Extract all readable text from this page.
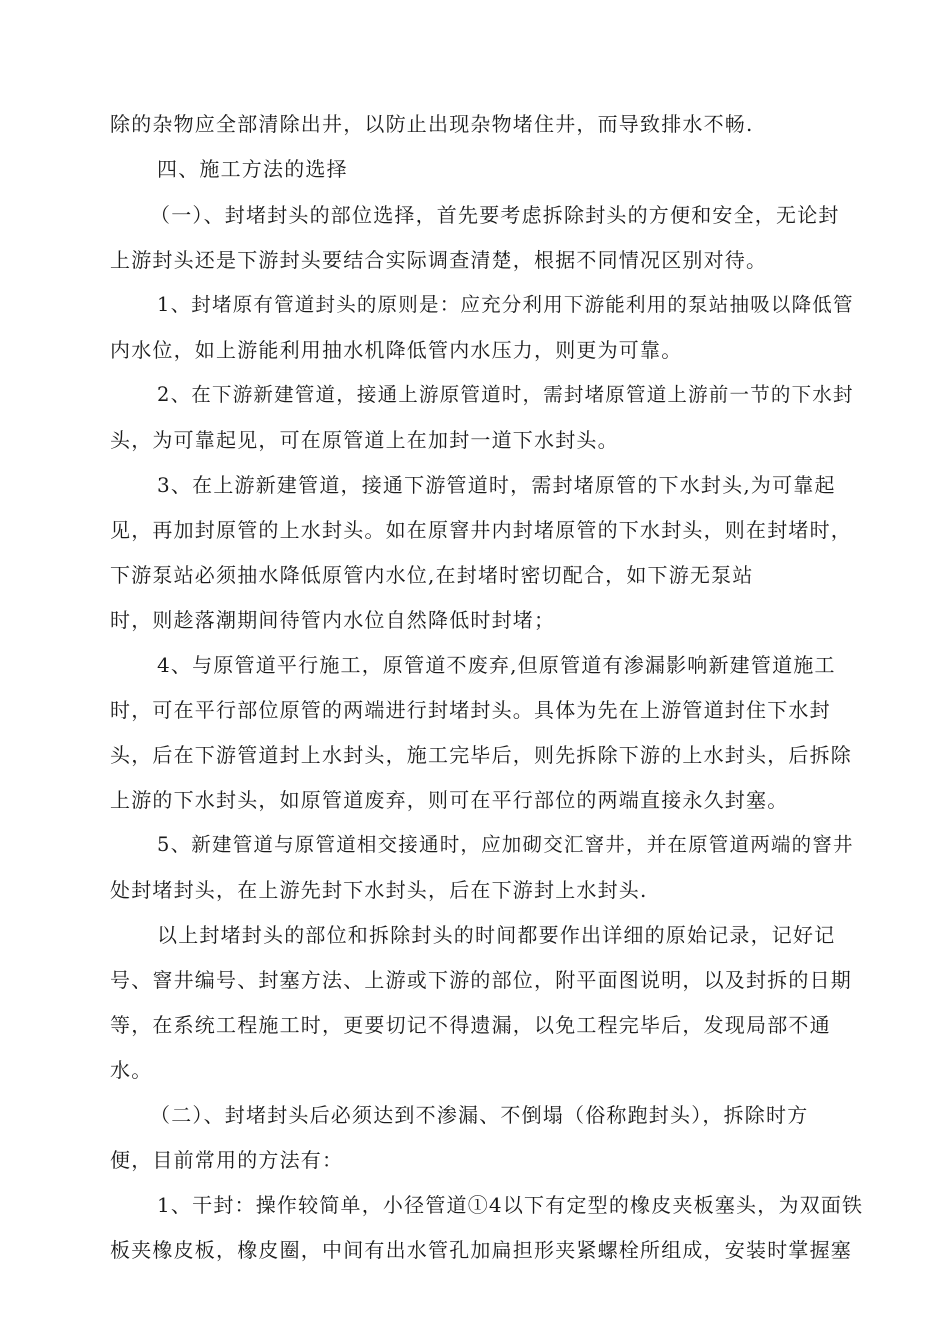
除的杂物应全部清除出井，以防止出现杂物堵住井，而导致排水不畅.
四、施工方法的选择
（一）、封堵封头的部位选择，首先要考虑拆除封头的方便和安全，无论封
上游封头还是下游封头要结合实际调查清楚，根据不同情况区别对待。
1、封堵原有管道封头的原则是：应充分利用下游能利用的泵站抽吸以降低管
内水位，如上游能利用抽水机降低管内水压力，则更为可靠。
2、在下游新建管道，接通上游原管道时，需封堵原管道上游前一节的下水封
头，为可靠起见，可在原管道上在加封一道下水封头。
3、在上游新建管道，接通下游管道时，需封堵原管的下水封头,为可靠起
见，再加封原管的上水封头。如在原窨井内封堵原管的下水封头，则在封堵时，
下游泵站必须抽水降低原管内水位,在封堵时密切配合，如下游无泵站
时，则趁落潮期间待管内水位自然降低时封堵；
4、与原管道平行施工，原管道不废弃,但原管道有渗漏影响新建管道施工
时，可在平行部位原管的两端进行封堵封头。具体为先在上游管道封住下水封
头，后在下游管道封上水封头，施工完毕后，则先拆除下游的上水封头，后拆除
上游的下水封头，如原管道废弃，则可在平行部位的两端直接永久封塞。
5、新建管道与原管道相交接通时，应加砌交汇窨井，并在原管道两端的窨井
处封堵封头，在上游先封下水封头，后在下游封上水封头.
以上封堵封头的部位和拆除封头的时间都要作出详细的原始记录，记好记
号、窨井编号、封塞方法、上游或下游的部位，附平面图说明，以及封拆的日期
等，在系统工程施工时，更要切记不得遗漏，以免工程完毕后，发现局部不通
水。
（二）、封堵封头后必须达到不渗漏、不倒塌（俗称跑封头），拆除时方
便，目前常用的方法有：
1、干封：操作较简单，小径管道①4以下有定型的橡皮夹板塞头，为双面铁
板夹橡皮板，橡皮圈，中间有出水管孔加扁担形夹紧螺栓所组成，安装时掌握塞
